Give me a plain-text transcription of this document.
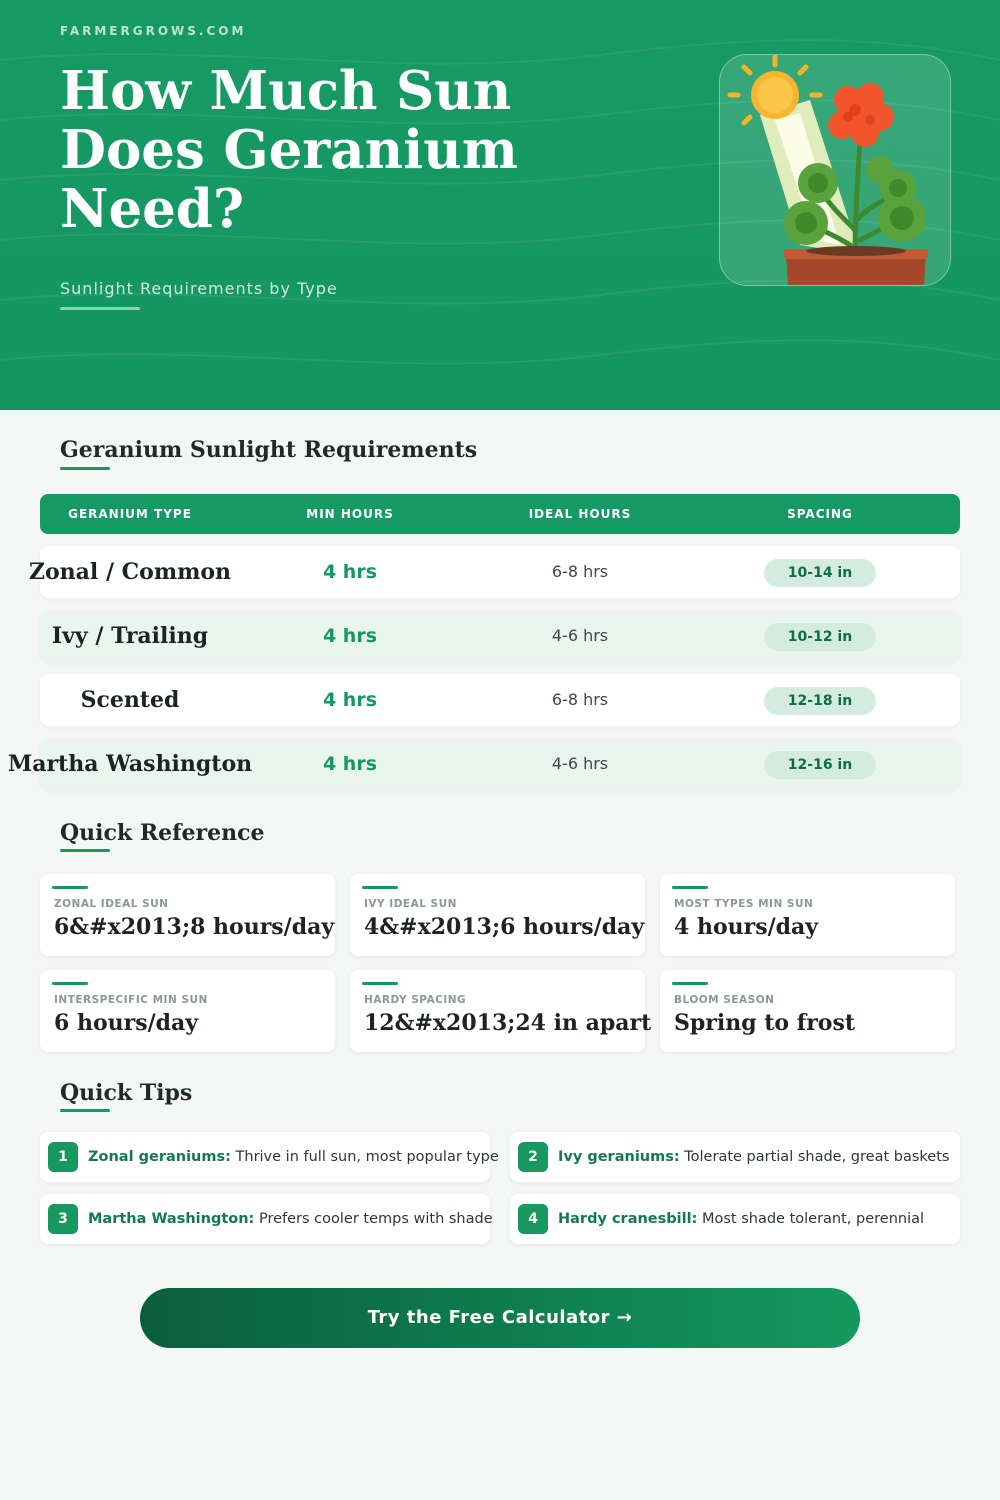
FARMERGROWS.COM
How Much Sun Does Geranium Need?
Sunlight Requirements by Type
Geranium Sunlight Requirements
GERANIUM TYPE	MIN HOURS	IDEAL HOURS	SPACING
Zonal / Common	4 hrs	6-8 hrs	10-14 in
Ivy / Trailing	4 hrs	4-6 hrs	10-12 in
Scented	4 hrs	6-8 hrs	12-18 in
Martha Washington	4 hrs	4-6 hrs	12-16 in
Quick Reference
ZONAL IDEAL SUN
6&#x2013;8 hours/day
IVY IDEAL SUN
4&#x2013;6 hours/day
MOST TYPES MIN SUN
4 hours/day
INTERSPECIFIC MIN SUN
6 hours/day
HARDY SPACING
12&#x2013;24 in apart
BLOOM SEASON
Spring to frost
Quick Tips
1	Zonal geraniums: Thrive in full sun, most popular type	2	Ivy geraniums: Tolerate partial shade, great baskets
3	Martha Washington: Prefers cooler temps with shade	4	Hardy cranesbill: Most shade tolerant, perennial
Try the Free Calculator →
